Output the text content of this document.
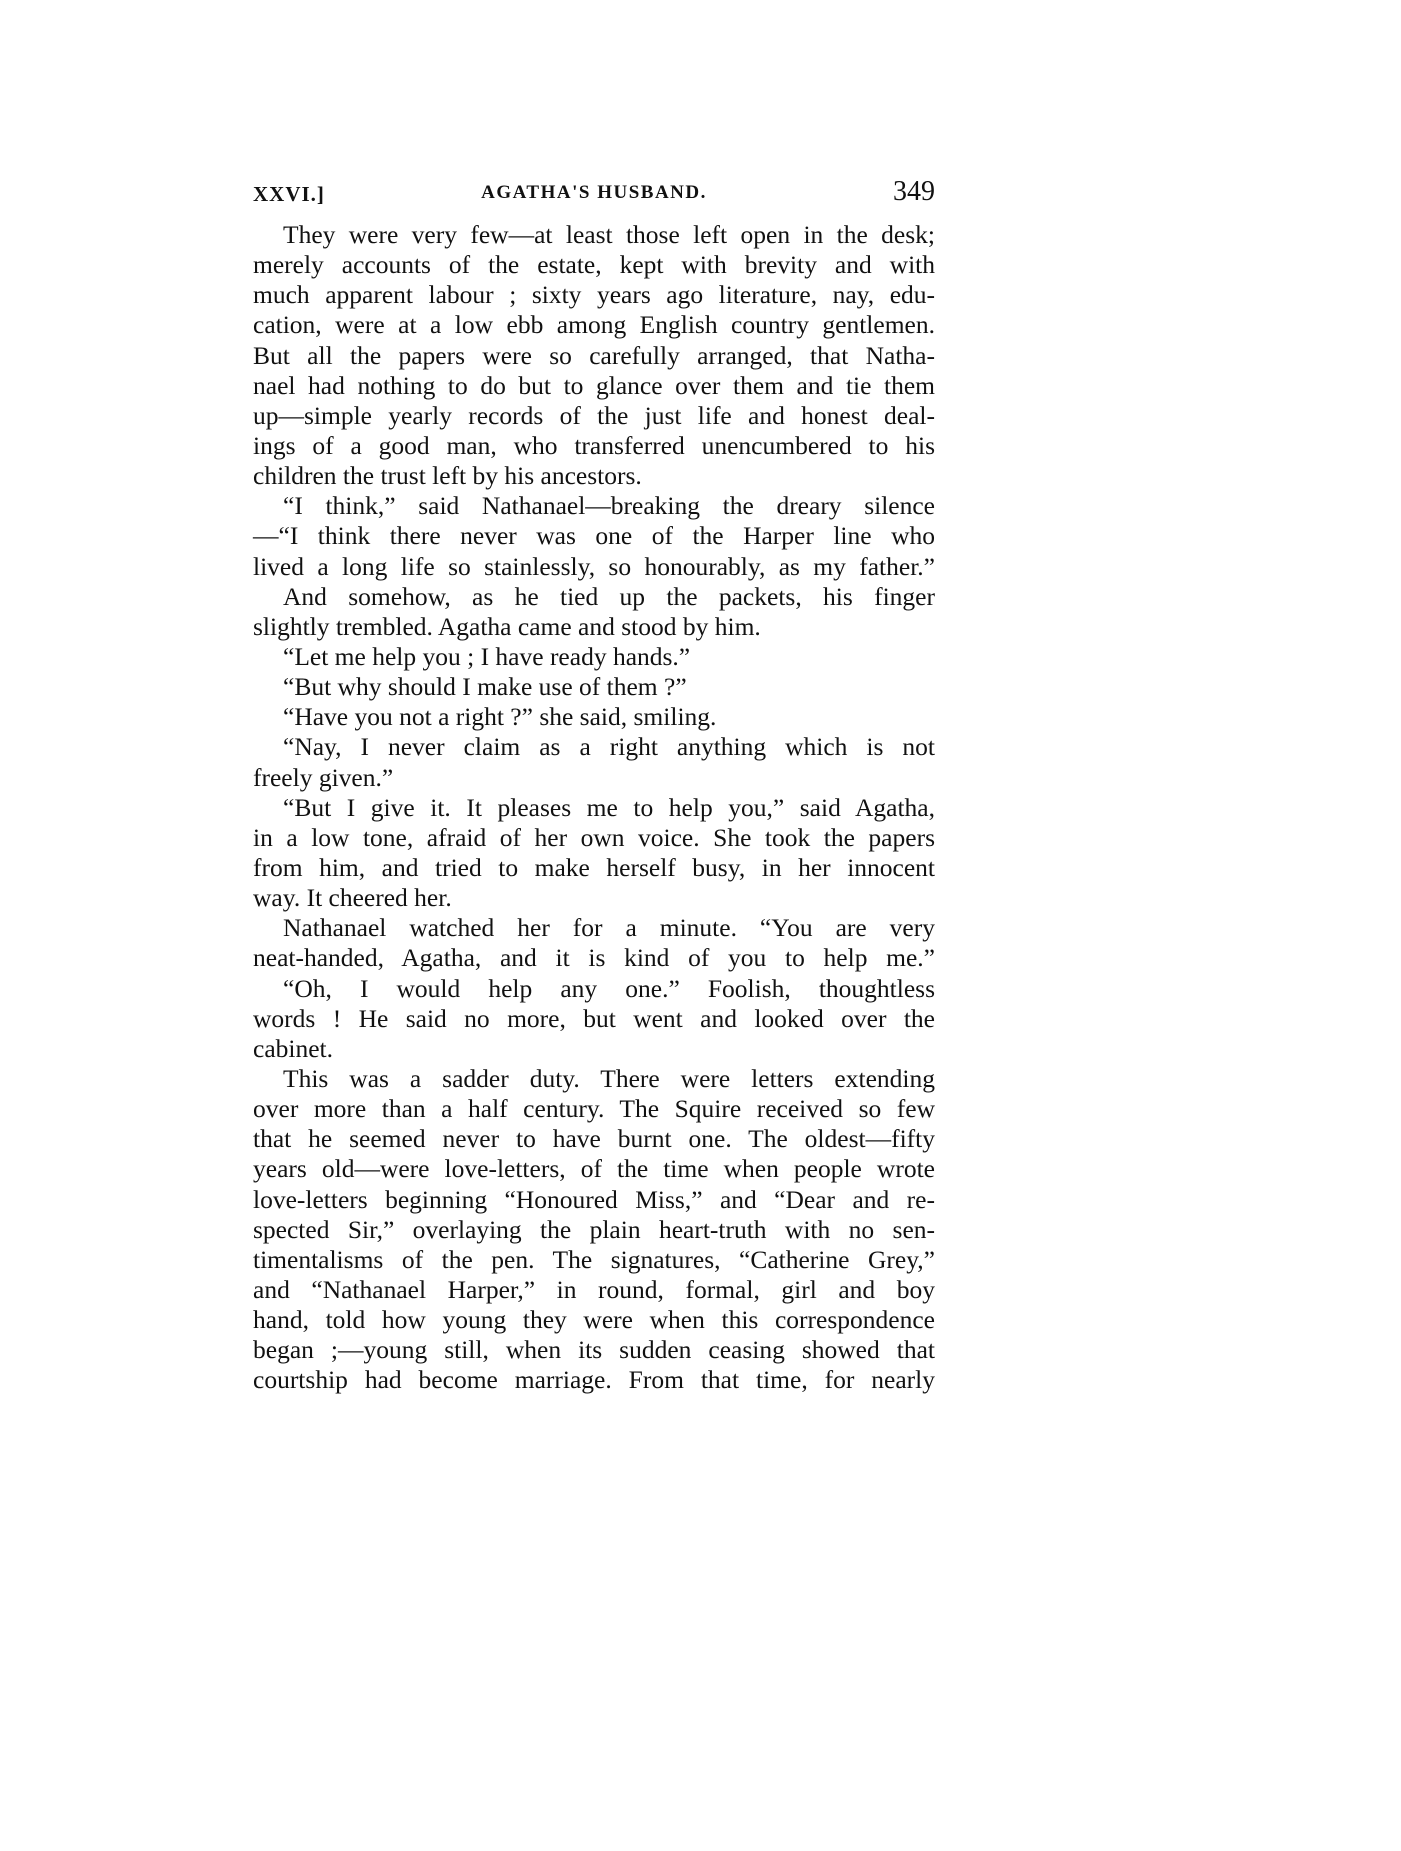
XXVI.]	AGATHA'S HUSBAND.	349
They were very few—at least those left open in the desk;
merely accounts of the estate, kept with brevity and with
much apparent labour ; sixty years ago literature, nay, edu-
cation, were at a low ebb among English country gentlemen.
But all the papers were so carefully arranged, that Natha-
nael had nothing to do but to glance over them and tie them
up—simple yearly records of the just life and honest deal-
ings of a good man, who transferred unencumbered to his
children the trust left by his ancestors.
“I think,” said Nathanael—breaking the dreary silence
—“I think there never was one of the Harper line who
lived a long life so stainlessly, so honourably, as my father.”
And somehow, as he tied up the packets, his finger
slightly trembled. Agatha came and stood by him.
“Let me help you ; I have ready hands.”
“But why should I make use of them ?”
“Have you not a right ?” she said, smiling.
“Nay, I never claim as a right anything which is not
freely given.”
“But I give it. It pleases me to help you,” said Agatha,
in a low tone, afraid of her own voice. She took the papers
from him, and tried to make herself busy, in her innocent
way. It cheered her.
Nathanael watched her for a minute. “You are very
neat-handed, Agatha, and it is kind of you to help me.”
“Oh, I would help any one.” Foolish, thoughtless
words ! He said no more, but went and looked over the
cabinet.
This was a sadder duty. There were letters extending
over more than a half century. The Squire received so few
that he seemed never to have burnt one. The oldest—fifty
years old—were love-letters, of the time when people wrote
love-letters beginning “Honoured Miss,” and “Dear and re-
spected Sir,” overlaying the plain heart-truth with no sen-
timentalisms of the pen. The signatures, “Catherine Grey,”
and “Nathanael Harper,” in round, formal, girl and boy
hand, told how young they were when this correspondence
began ;—young still, when its sudden ceasing showed that
courtship had become marriage. From that time, for nearly
